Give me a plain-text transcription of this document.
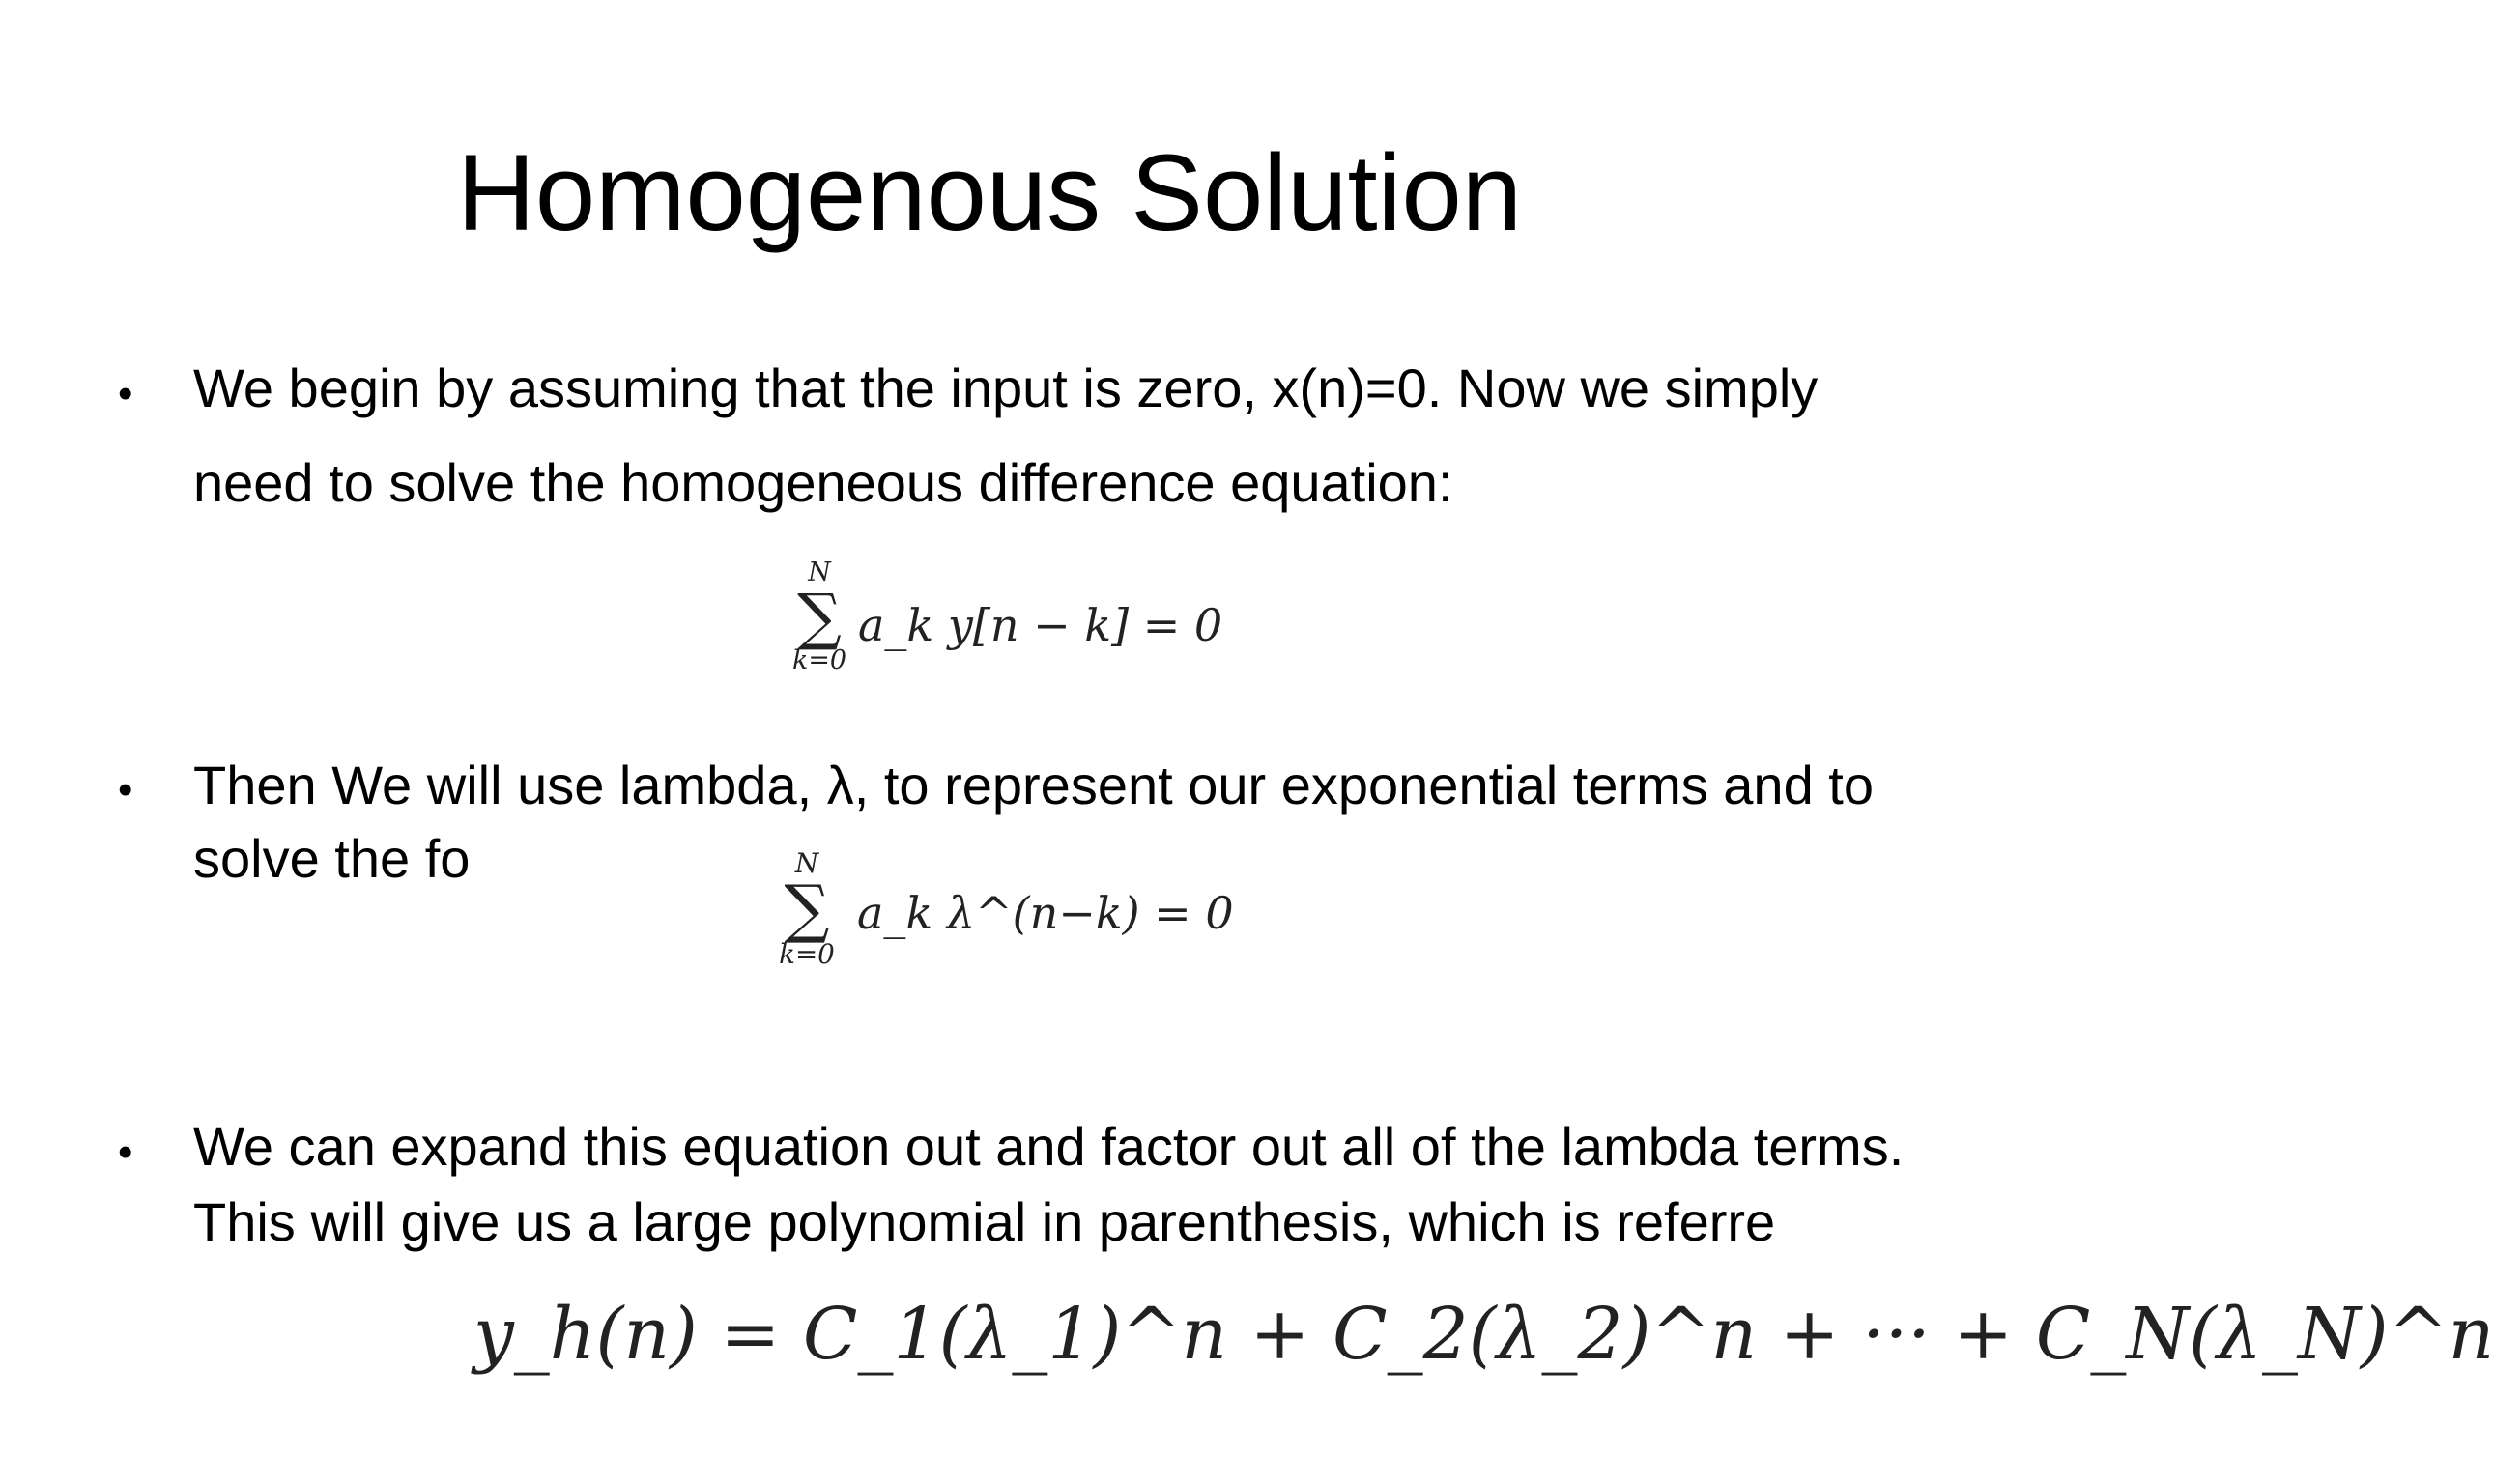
Homogenous Solution
• We begin by assuming that the input is zero, x(n)=0. Now we simply need to solve the homogeneous difference equation:
N
∑
k=0
a_k y[n − k] = 0
• Then We will use lambda, λ, to represent our exponential terms and to solve the fo	N
∑
k=0
a_k λ^(n−k) = 0
• We can expand this equation out and factor out all of the lambda terms. This will give us a large polynomial in parenthesis, which is referre
y_h(n) = C_1(λ_1)^n + C_2(λ_2)^n + ··· + C_N(λ_N)^n
